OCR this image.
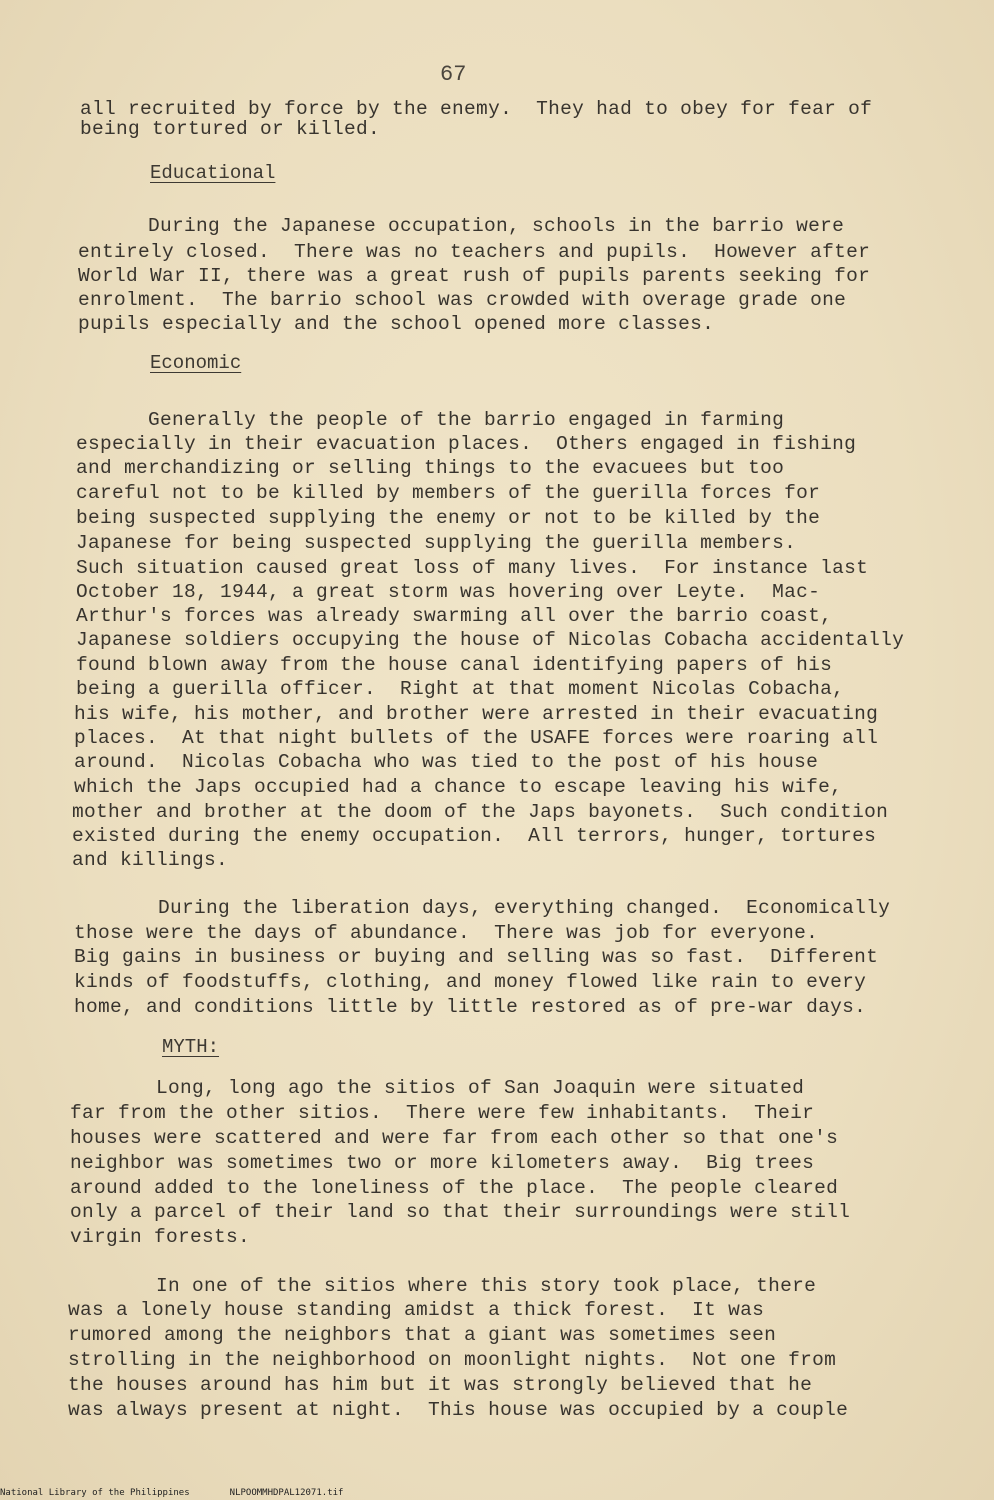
67
all recruited by force by the enemy.  They had to obey for fear of
being tortured or killed.
Educational
During the Japanese occupation, schools in the barrio were
entirely closed.  There was no teachers and pupils.  However after
World War II, there was a great rush of pupils parents seeking for
enrolment.  The barrio school was crowded with overage grade one
pupils especially and the school opened more classes.
Economic
Generally the people of the barrio engaged in farming
especially in their evacuation places.  Others engaged in fishing
and merchandizing or selling things to the evacuees but too
careful not to be killed by members of the guerilla forces for
being suspected supplying the enemy or not to be killed by the
Japanese for being suspected supplying the guerilla members.
Such situation caused great loss of many lives.  For instance last
October 18, 1944, a great storm was hovering over Leyte.  Mac-
Arthur's forces was already swarming all over the barrio coast,
Japanese soldiers occupying the house of Nicolas Cobacha accidentally
found blown away from the house canal identifying papers of his
being a guerilla officer.  Right at that moment Nicolas Cobacha,
his wife, his mother, and brother were arrested in their evacuating
places.  At that night bullets of the USAFE forces were roaring all
around.  Nicolas Cobacha who was tied to the post of his house
which the Japs occupied had a chance to escape leaving his wife,
mother and brother at the doom of the Japs bayonets.  Such condition
existed during the enemy occupation.  All terrors, hunger, tortures
and killings.
During the liberation days, everything changed.  Economically
those were the days of abundance.  There was job for everyone.
Big gains in business or buying and selling was so fast.  Different
kinds of foodstuffs, clothing, and money flowed like rain to every
home, and conditions little by little restored as of pre-war days.
MYTH:
Long, long ago the sitios of San Joaquin were situated
far from the other sitios.  There were few inhabitants.  Their
houses were scattered and were far from each other so that one's
neighbor was sometimes two or more kilometers away.  Big trees
around added to the loneliness of the place.  The people cleared
only a parcel of their land so that their surroundings were still
virgin forests.
In one of the sitios where this story took place, there
was a lonely house standing amidst a thick forest.  It was
rumored among the neighbors that a giant was sometimes seen
strolling in the neighborhood on moonlight nights.  Not one from
the houses around has him but it was strongly believed that he
was always present at night.  This house was occupied by a couple
National Library of the Philippines	NLPOOMMHDPAL12071.tif
